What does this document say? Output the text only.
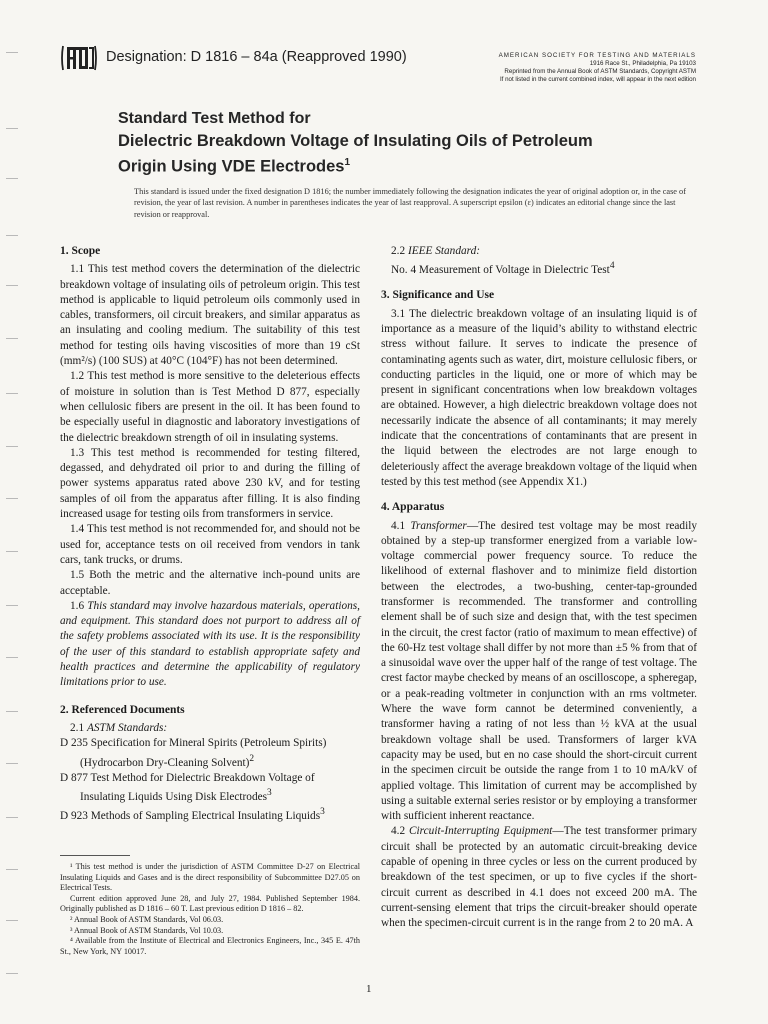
Designation: D 1816 – 84a (Reapproved 1990)	AMERICAN SOCIETY FOR TESTING AND MATERIALS
1916 Race St., Philadelphia, Pa 19103
Reprinted from the Annual Book of ASTM Standards, Copyright ASTM
If not listed in the current combined index, will appear in the next edition
Standard Test Method for
Dielectric Breakdown Voltage of Insulating Oils of Petroleum
Origin Using VDE Electrodes$^1$
This standard is issued under the fixed designation D 1816; the number immediately following the designation indicates the year of original adoption or, in the case of revision, the year of last revision. A number in parentheses indicates the year of last reapproval. A superscript epsilon (ε) indicates an editorial change since the last revision or reapproval.
1. Scope

1.1 This test method covers the determination of the dielectric breakdown voltage of insulating oils of petroleum origin. This test method is applicable to liquid petroleum oils commonly used in cables, transformers, oil circuit breakers, and similar apparatus as an insulating and cooling medium. The suitability of this test method for testing oils having viscosities of more than 19 cSt (mm²/s) (100 SUS) at 40°C (104°F) has not been determined.

1.2 This test method is more sensitive to the deleterious effects of moisture in solution than is Test Method D 877, especially when cellulosic fibers are present in the oil. It has been found to be especially useful in diagnostic and laboratory investigations of the dielectric breakdown strength of oil in insulating systems.

1.3 This test method is recommended for testing filtered, degassed, and dehydrated oil prior to and during the filling of power systems apparatus rated above 230 kV, and for testing samples of oil from the apparatus after filling. It is also finding increased usage for testing oils from transformers in service.

1.4 This test method is not recommended for, and should not be used for, acceptance tests on oil received from vendors in tank cars, tank trucks, or drums.

1.5 Both the metric and the alternative inch-pound units are acceptable.

1.6 This standard may involve hazardous materials, operations, and equipment. This standard does not purport to address all of the safety problems associated with its use. It is the responsibility of the user of this standard to establish appropriate safety and health practices and determine the applicability of regulatory limitations prior to use.

2. Referenced Documents

2.1 ASTM Standards:

D 235 Specification for Mineral Spirits (Petroleum Spirits) (Hydrocarbon Dry-Cleaning Solvent)$^2$

D 877 Test Method for Dielectric Breakdown Voltage of Insulating Liquids Using Disk Electrodes$^3$

D 923 Methods of Sampling Electrical Insulating Liquids$^3$

¹ This test method is under the jurisdiction of ASTM Committee D-27 on Electrical Insulating Liquids and Gases and is the direct responsibility of Subcommittee D27.05 on Electrical Tests.

Current edition approved June 28, and July 27, 1984. Published September 1984. Originally published as D 1816 – 60 T. Last previous edition D 1816 – 82.

² Annual Book of ASTM Standards, Vol 06.03.

³ Annual Book of ASTM Standards, Vol 10.03.

⁴ Available from the Institute of Electrical and Electronics Engineers, Inc., 345 E. 47th St., New York, NY 10017.

2.2 IEEE Standard:

No. 4 Measurement of Voltage in Dielectric Test$^4$

3. Significance and Use

3.1 The dielectric breakdown voltage of an insulating liquid is of importance as a measure of the liquid’s ability to withstand electric stress without failure. It serves to indicate the presence of contaminating agents such as water, dirt, moisture cellulosic fibers, or conducting particles in the liquid, one or more of which may be present in significant concentrations when low breakdown voltages are obtained. However, a high dielectric breakdown voltage does not necessarily indicate the absence of all contaminants; it may merely indicate that the concentrations of contaminants that are present in the liquid between the electrodes are not large enough to deleteriously affect the average breakdown voltage of the liquid when tested by this test method (see Appendix X1.)

4. Apparatus

4.1 Transformer—The desired test voltage may be most readily obtained by a step-up transformer energized from a variable low-voltage commercial power frequency source. To reduce the likelihood of external flashover and to minimize field distortion between the electrodes, a two-bushing, center-tap-grounded transformer is recommended. The transformer and controlling element shall be of such size and design that, with the test specimen in the circuit, the crest factor (ratio of maximum to mean effective) of the 60-Hz test voltage shall differ by not more than ±5 % from that of a sinusoidal wave over the upper half of the range of test voltage. The crest factor maybe checked by means of an oscilloscope, a spheregap, or a peak-reading voltmeter in conjunction with an rms voltmeter. Where the wave form cannot be determined conveniently, a transformer having a rating of not less than ½ kVA at the usual breakdown voltage shall be used. Transformers of larger kVA capacity may be used, but en no case should the short-circuit current in the specimen circuit be outside the range from 1 to 10 mA/kV of applied voltage. This limitation of current may be accomplished by using a suitable external series resistor or by employing a transformer with sufficient inherent reactance.

4.2 Circuit-Interrupting Equipment—The test transformer primary circuit shall be protected by an automatic circuit-breaking device capable of opening in three cycles or less on the current produced by breakdown of the test specimen, or up to five cycles if the short-circuit current as described in 4.1 does not exceed 200 mA. The current-sensing element that trips the circuit-breaker should operate when the specimen-circuit current is in the range from 2 to 20 mA. A

1
